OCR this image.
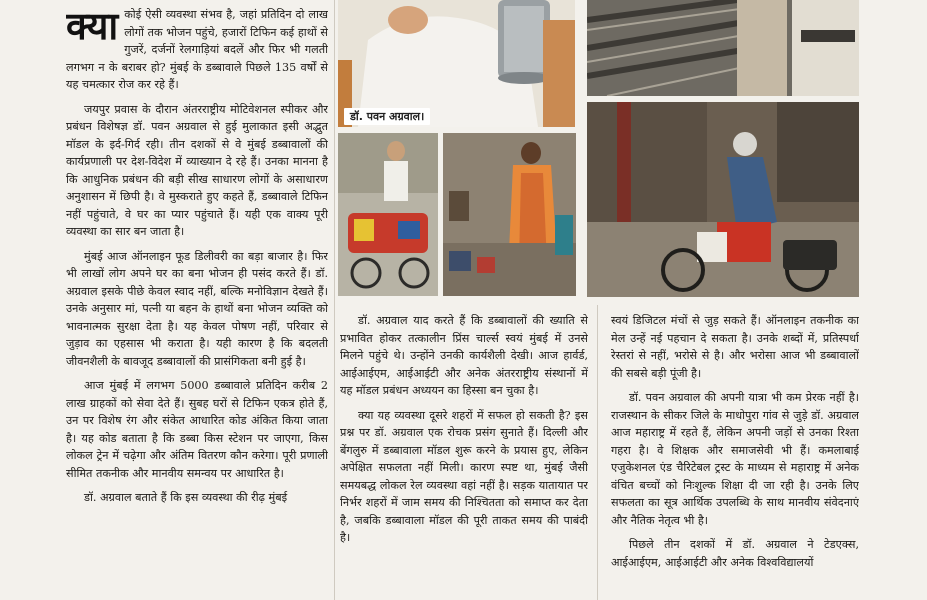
क्या कोई ऐसी व्यवस्था संभव है, जहां प्रतिदिन दो लाख लोगों तक भोजन पहुंचे, हजारों टिफिन कई हाथों से गुजरें, दर्जनों रेलगाड़ियां बदलें और फिर भी गलती लगभग न के बराबर हो? मुंबई के डब्बावाले पिछले 135 वर्षों से यह चमत्कार रोज कर रहे हैं।

जयपुर प्रवास के दौरान अंतरराष्ट्रीय मोटिवेशनल स्पीकर और प्रबंधन विशेषज्ञ डॉ. पवन अग्रवाल से हुई मुलाकात इसी अद्भुत मॉडल के इर्द-गिर्द रही। तीन दशकों से वे मुंबई डब्बावालों की कार्यप्रणाली पर देश-विदेश में व्याख्यान दे रहे हैं। उनका मानना है कि आधुनिक प्रबंधन की बड़ी सीख साधारण लोगों के असाधारण अनुशासन में छिपी है। वे मुस्कराते हुए कहते हैं, डब्बावाले टिफिन नहीं पहुंचाते, वे घर का प्यार पहुंचाते हैं। यही एक वाक्य पूरी व्यवस्था का सार बन जाता है।

मुंबई आज ऑनलाइन फूड डिलीवरी का बड़ा बाजार है। फिर भी लाखों लोग अपने घर का बना भोजन ही पसंद करते हैं। डॉ. अग्रवाल इसके पीछे केवल स्वाद नहीं, बल्कि मनोविज्ञान देखते हैं। उनके अनुसार मां, पत्नी या बहन के हाथों बना भोजन व्यक्ति को भावनात्मक सुरक्षा देता है। यह केवल पोषण नहीं, परिवार से जुड़ाव का एहसास भी कराता है। यही कारण है कि बदलती जीवनशैली के बावजूद डब्बावालों की प्रासंगिकता बनी हुई है।

आज मुंबई में लगभग 5000 डब्बावाले प्रतिदिन करीब 2 लाख ग्राहकों को सेवा देते हैं। सुबह घरों से टिफिन एकत्र होते हैं, उन पर विशेष रंग और संकेत आधारित कोड अंकित किया जाता है। यह कोड बताता है कि डब्बा किस स्टेशन पर जाएगा, किस लोकल ट्रेन में चढ़ेगा और अंतिम वितरण कौन करेगा। पूरी प्रणाली सीमित तकनीक और मानवीय समन्वय पर आधारित है।

डॉ. अग्रवाल बताते हैं कि इस व्यवस्था की रीढ़ मुंबई

डॉ. पवन अग्रवाल।

डॉ. अग्रवाल याद करते हैं कि डब्बावालों की ख्याति से प्रभावित होकर तत्कालीन प्रिंस चार्ल्स स्वयं मुंबई में उनसे मिलने पहुंचे थे। उन्होंने उनकी कार्यशैली देखी। आज हार्वर्ड, आईआईएम, आईआईटी और अनेक अंतरराष्ट्रीय संस्थानों में यह मॉडल प्रबंधन अध्ययन का हिस्सा बन चुका है।

क्या यह व्यवस्था दूसरे शहरों में सफल हो सकती है? इस प्रश्न पर डॉ. अग्रवाल एक रोचक प्रसंग सुनाते हैं। दिल्ली और बेंगलुरु में डब्बावाला मॉडल शुरू करने के प्रयास हुए, लेकिन अपेक्षित सफलता नहीं मिली। कारण स्पष्ट था, मुंबई जैसी समयबद्ध लोकल रेल व्यवस्था वहां नहीं है। सड़क यातायात पर निर्भर शहरों में जाम समय की निश्चितता को समाप्त कर देता है, जबकि डब्बावाला मॉडल की पूरी ताकत समय की पाबंदी है।

स्वयं डिजिटल मंचों से जुड़ सकते हैं। ऑनलाइन तकनीक का मेल उन्हें नई पहचान दे सकता है। उनके शब्दों में, प्रतिस्पर्धा रेस्तरां से नहीं, भरोसे से है। और भरोसा आज भी डब्बावालों की सबसे बड़ी पूंजी है।

डॉ. पवन अग्रवाल की अपनी यात्रा भी कम प्रेरक नहीं है। राजस्थान के सीकर जिले के माधोपुरा गांव से जुड़े डॉ. अग्रवाल आज महाराष्ट्र में रहते हैं, लेकिन अपनी जड़ों से उनका रिश्ता गहरा है। वे शिक्षक और समाजसेवी भी हैं। कमलाबाई एजुकेशनल एंड चैरिटेबल ट्रस्ट के माध्यम से महाराष्ट्र में अनेक वंचित बच्चों को निःशुल्क शिक्षा दी जा रही है। उनके लिए सफलता का सूत्र आर्थिक उपलब्धि के साथ मानवीय संवेदनाएं और नैतिक नेतृत्व भी है।

पिछले तीन दशकों में डॉ. अग्रवाल ने टेडएक्स, आईआईएम, आईआईटी और अनेक विश्वविद्यालयों
